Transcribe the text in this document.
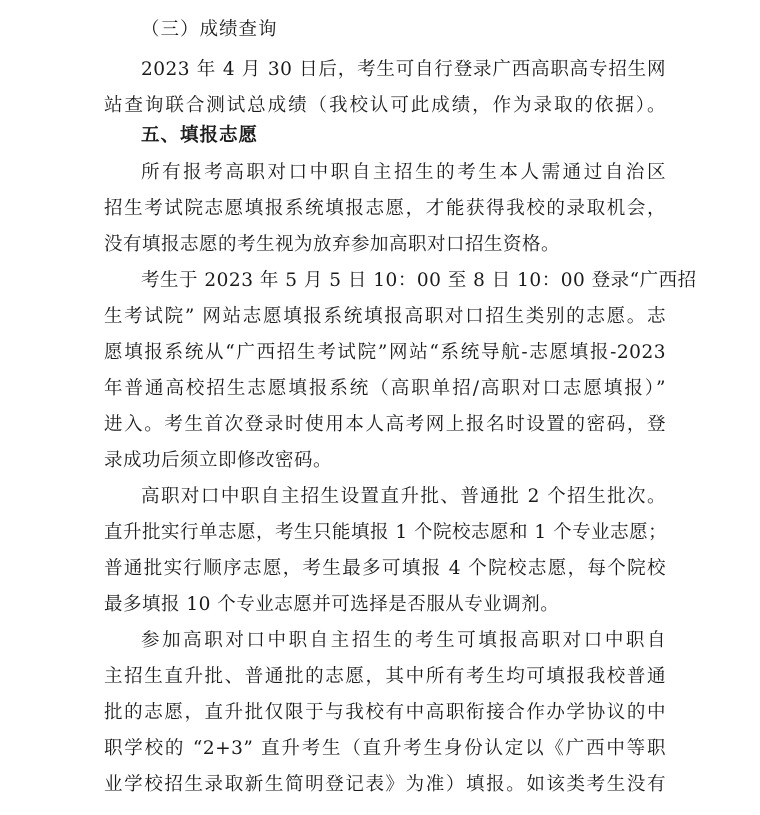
（三）成绩查询
2023 年 4 月 30 日后，考生可自行登录广西高职高专招生网
站查询联合测试总成绩（我校认可此成绩，作为录取的依据）。
五、填报志愿
所有报考高职对口中职自主招生的考生本人需通过自治区
招生考试院志愿填报系统填报志愿，才能获得我校的录取机会，
没有填报志愿的考生视为放弃参加高职对口招生资格。
考生于 2023 年 5 月 5 日 10：00 至 8 日 10：00 登录“广西招
生考试院” 网站志愿填报系统填报高职对口招生类别的志愿。志
愿填报系统从“广西招生考试院”网站“系统导航-志愿填报-2023
年普通高校招生志愿填报系统（高职单招/高职对口志愿填报）”
进入。考生首次登录时使用本人高考网上报名时设置的密码，登
录成功后须立即修改密码。
高职对口中职自主招生设置直升批、普通批 2 个招生批次。
直升批实行单志愿，考生只能填报 1 个院校志愿和 1 个专业志愿；
普通批实行顺序志愿，考生最多可填报 4 个院校志愿，每个院校
最多填报 10 个专业志愿并可选择是否服从专业调剂。
参加高职对口中职自主招生的考生可填报高职对口中职自
主招生直升批、普通批的志愿，其中所有考生均可填报我校普通
批的志愿，直升批仅限于与我校有中高职衔接合作办学协议的中
职学校的 “2+3” 直升考生（直升考生身份认定以《广西中等职
业学校招生录取新生简明登记表》为准）填报。如该类考生没有
